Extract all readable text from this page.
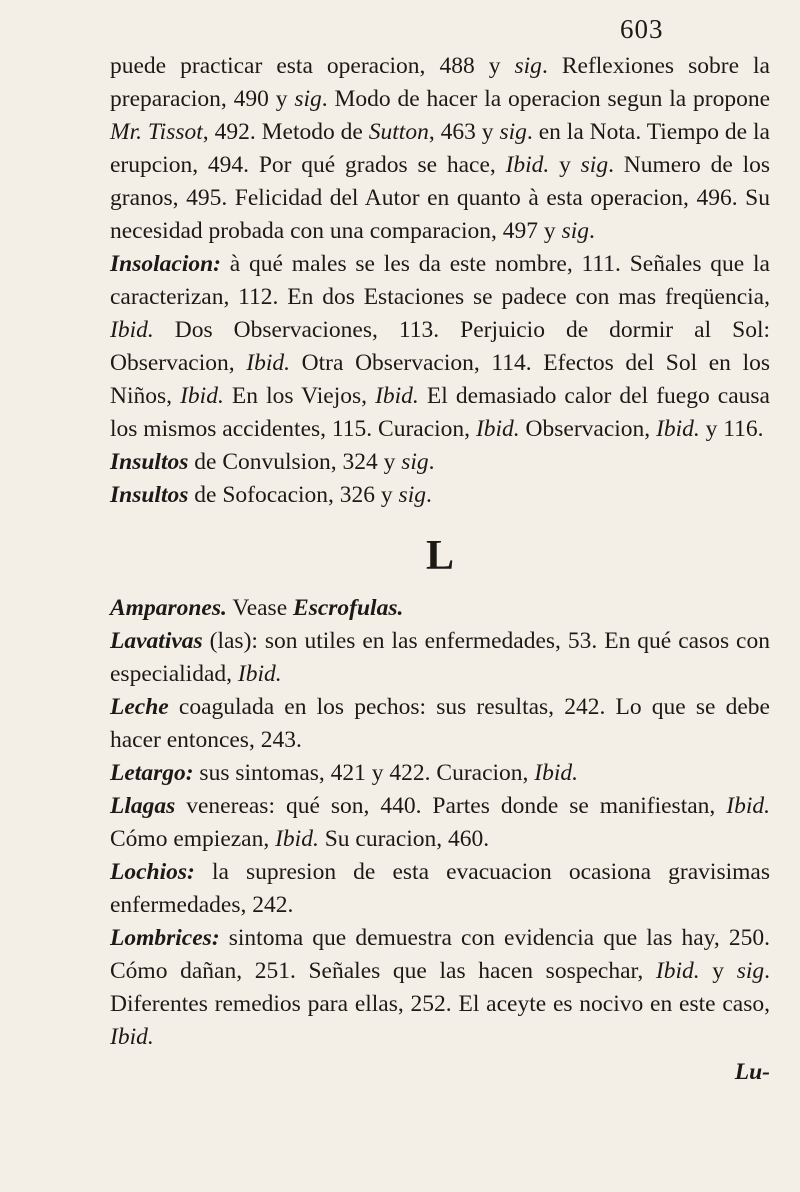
603

puede practicar esta operacion, 488 y sig. Reflexiones sobre la preparacion, 490 y sig. Modo de hacer la operacion segun la propone Mr. Tissot, 492. Metodo de Sutton, 463 y sig. en la Nota. Tiempo de la erupcion, 494. Por qué grados se hace, Ibid. y sig. Numero de los granos, 495. Felicidad del Autor en quanto à esta operacion, 496. Su necesidad probada con una comparacion, 497 y sig.

Insolacion: à qué males se les da este nombre, 111. Señales que la caracterizan, 112. En dos Estaciones se padece con mas freqüencia, Ibid. Dos Observaciones, 113. Perjuicio de dormir al Sol: Observacion, Ibid. Otra Observacion, 114. Efectos del Sol en los Niños, Ibid. En los Viejos, Ibid. El demasiado calor del fuego causa los mismos accidentes, 115. Curacion, Ibid. Observacion, Ibid. y 116.

Insultos de Convulsion, 324 y sig.

Insultos de Sofocacion, 326 y sig.

L

Amparones. Vease Escrofulas.

Lavativas (las): son utiles en las enfermedades, 53. En qué casos con especialidad, Ibid.

Leche coagulada en los pechos: sus resultas, 242. Lo que se debe hacer entonces, 243.

Letargo: sus sintomas, 421 y 422. Curacion, Ibid.

Llagas venereas: qué son, 440. Partes donde se manifiestan, Ibid. Cómo empiezan, Ibid. Su curacion, 460.

Lochios: la supresion de esta evacuacion ocasiona gravisimas enfermedades, 242.

Lombrices: sintoma que demuestra con evidencia que las hay, 250. Cómo dañan, 251. Señales que las hacen sospechar, Ibid. y sig. Diferentes remedios para ellas, 252. El aceyte es nocivo en este caso, Ibid.

Lu-
